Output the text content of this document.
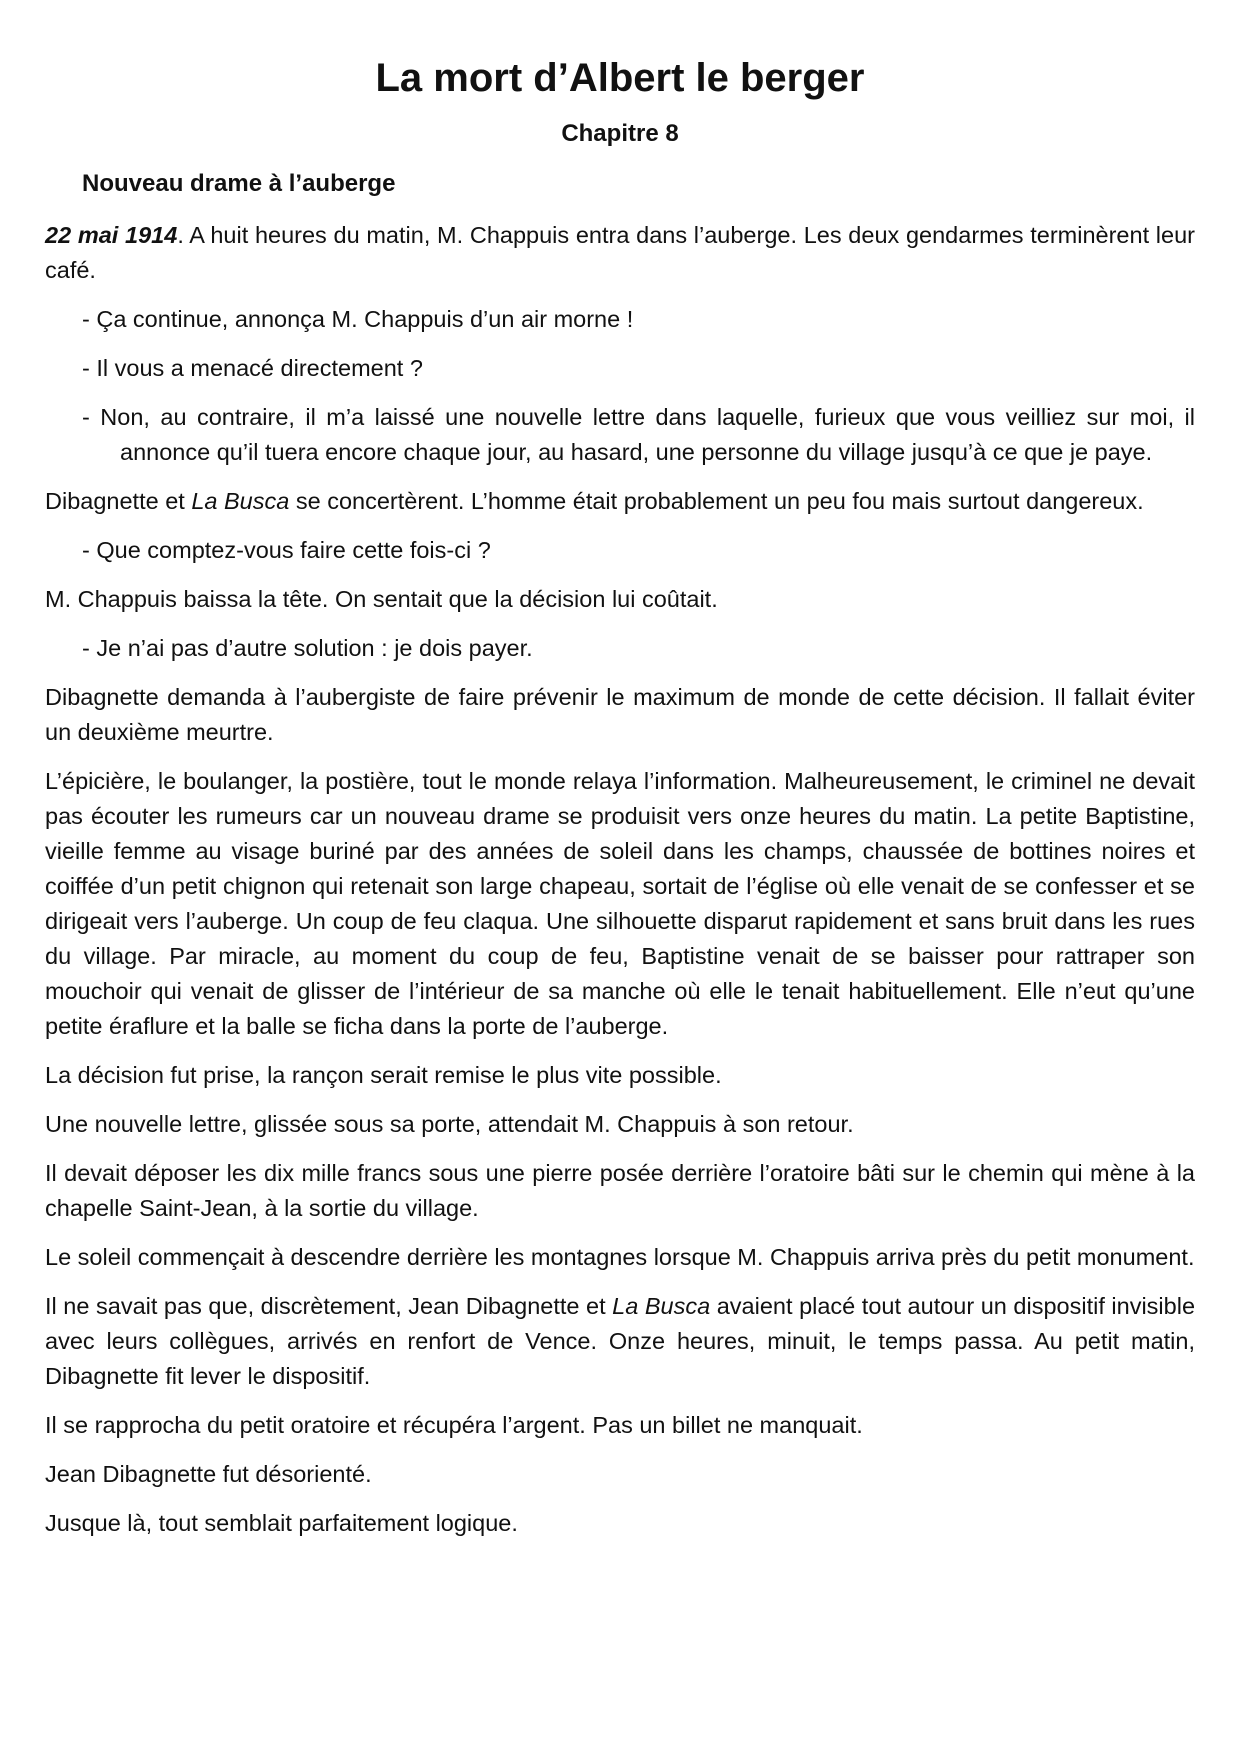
La mort d’Albert le berger
Chapitre 8
Nouveau drame à l’auberge

22 mai 1914. A huit heures du matin, M. Chappuis entra dans l’auberge. Les deux gendarmes terminèrent leur café.

- Ça continue, annonça M. Chappuis d’un air morne !

- Il vous a menacé directement ?

- Non, au contraire, il m’a laissé une nouvelle lettre dans laquelle, furieux que vous veilliez sur moi, il annonce qu’il tuera encore chaque jour, au hasard, une personne du village jusqu’à ce que je paye.

Dibagnette et La Busca se concertèrent. L’homme était probablement un peu fou mais surtout dangereux.

- Que comptez-vous faire cette fois-ci ?

M. Chappuis baissa la tête. On sentait que la décision lui coûtait.

- Je n’ai pas d’autre solution : je dois payer.

Dibagnette demanda à l’aubergiste de faire prévenir le maximum de monde de cette décision. Il fallait éviter un deuxième meurtre.

L’épicière, le boulanger, la postière, tout le monde relaya l’information. Malheureusement, le criminel ne devait pas écouter les rumeurs car un nouveau drame se produisit vers onze heures du matin. La petite Baptistine, vieille femme au visage buriné par des années de soleil dans les champs, chaussée de bottines noires et coiffée d’un petit chignon qui retenait son large chapeau, sortait de l’église où elle venait de se confesser et se dirigeait vers l’auberge. Un coup de feu claqua. Une silhouette disparut rapidement et sans bruit dans les rues du village. Par miracle, au moment du coup de feu, Baptistine venait de se baisser pour rattraper son mouchoir qui venait de glisser de l’intérieur de sa manche où elle le tenait habituellement. Elle n’eut qu’une petite éraflure et la balle se ficha dans la porte de l’auberge.

La décision fut prise, la rançon serait remise le plus vite possible.

Une nouvelle lettre, glissée sous sa porte, attendait M. Chappuis à son retour.

Il devait déposer les dix mille francs sous une pierre posée derrière l’oratoire bâti sur le chemin qui mène à la chapelle Saint-Jean, à la sortie du village.

Le soleil commençait à descendre derrière les montagnes lorsque M. Chappuis arriva près du petit monument.

Il ne savait pas que, discrètement, Jean Dibagnette et La Busca avaient placé tout autour un dispositif invisible avec leurs collègues, arrivés en renfort de Vence. Onze heures, minuit, le temps passa. Au petit matin, Dibagnette fit lever le dispositif.

Il se rapprocha du petit oratoire et récupéra l’argent. Pas un billet ne manquait.

Jean Dibagnette fut désorienté.

Jusque là, tout semblait parfaitement logique.
